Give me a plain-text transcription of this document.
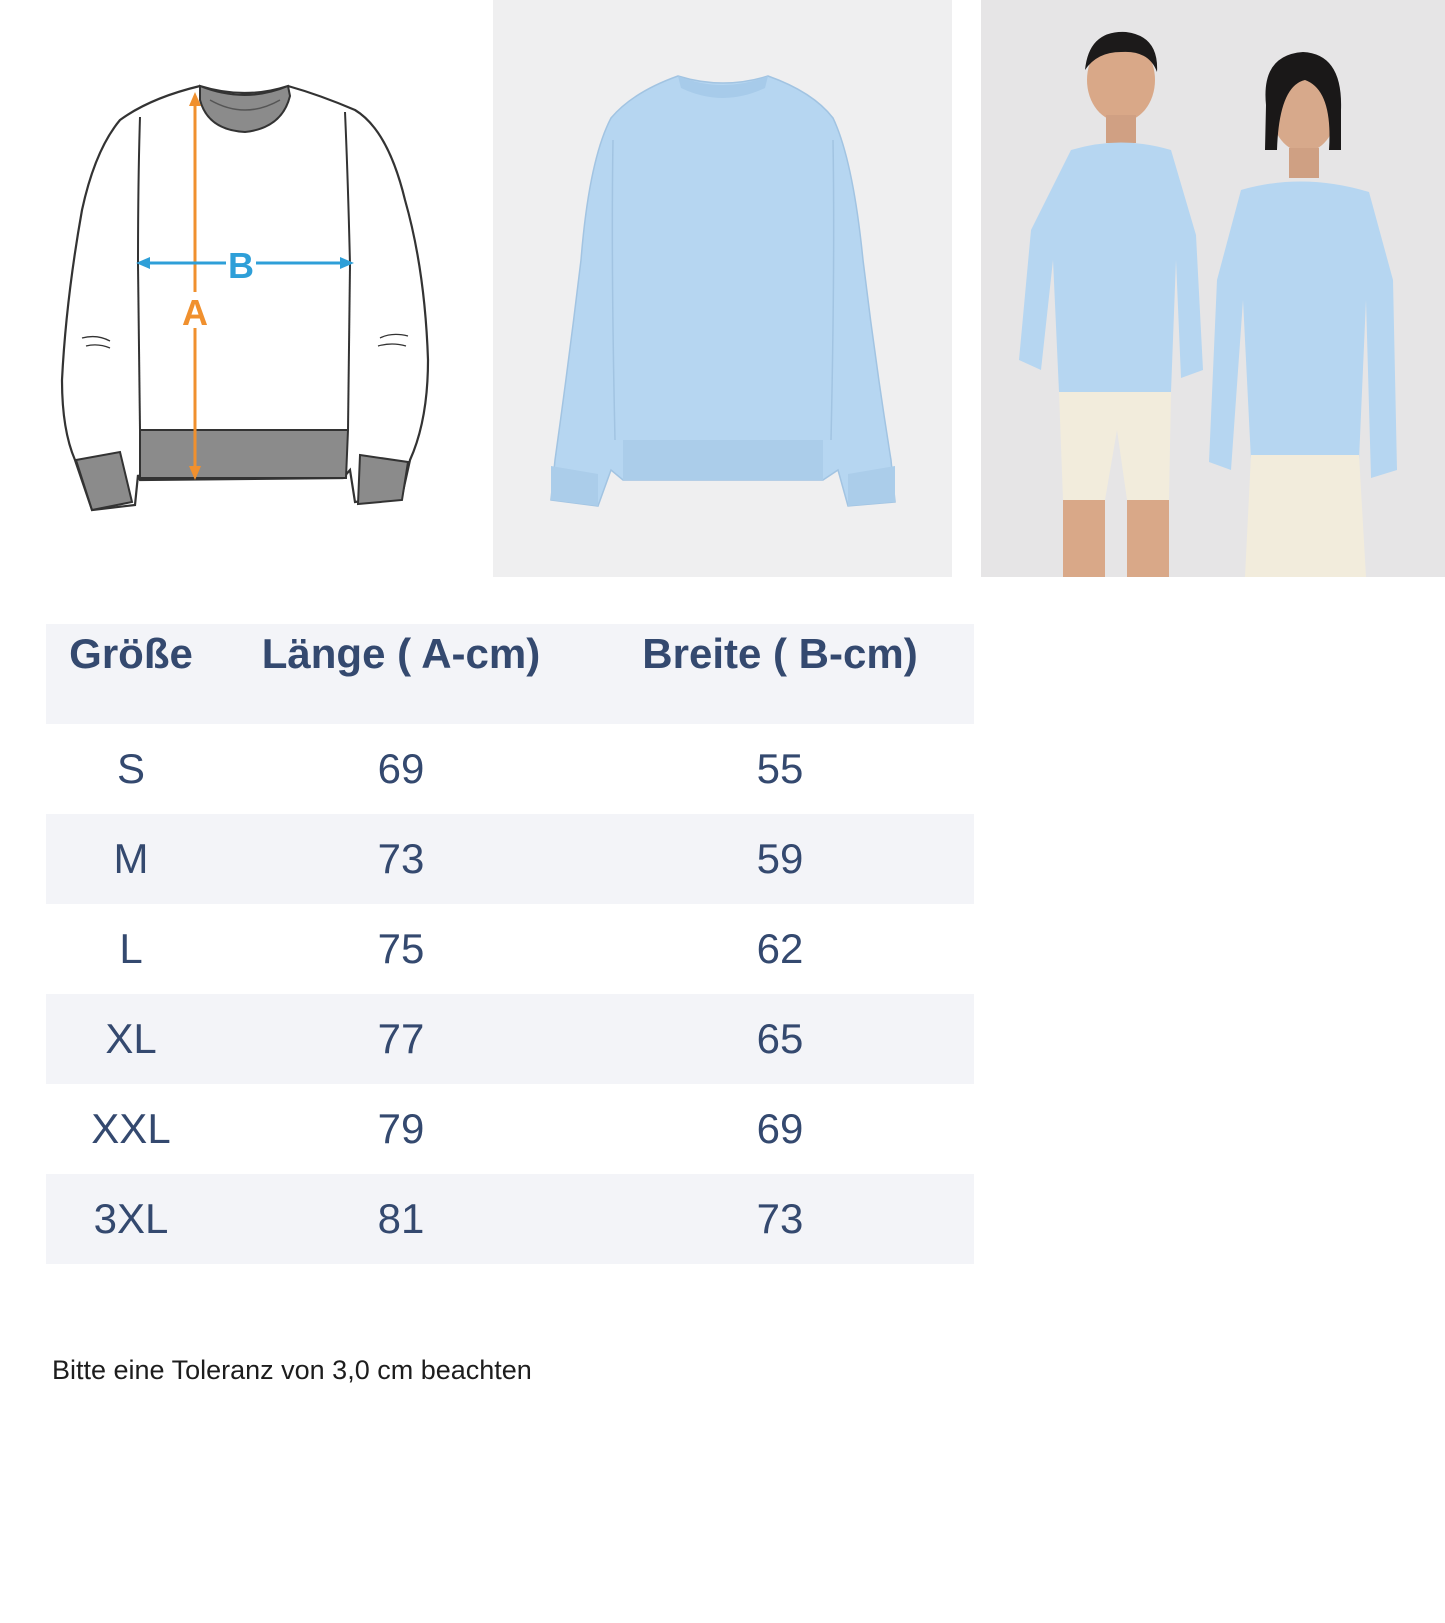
A
B
Größe	Länge ( A-cm)	Breite ( B-cm)
S	69	55
M	73	59
L	75	62
XL	77	65
XXL	79	69
3XL	81	73
Bitte eine Toleranz von 3,0 cm beachten
